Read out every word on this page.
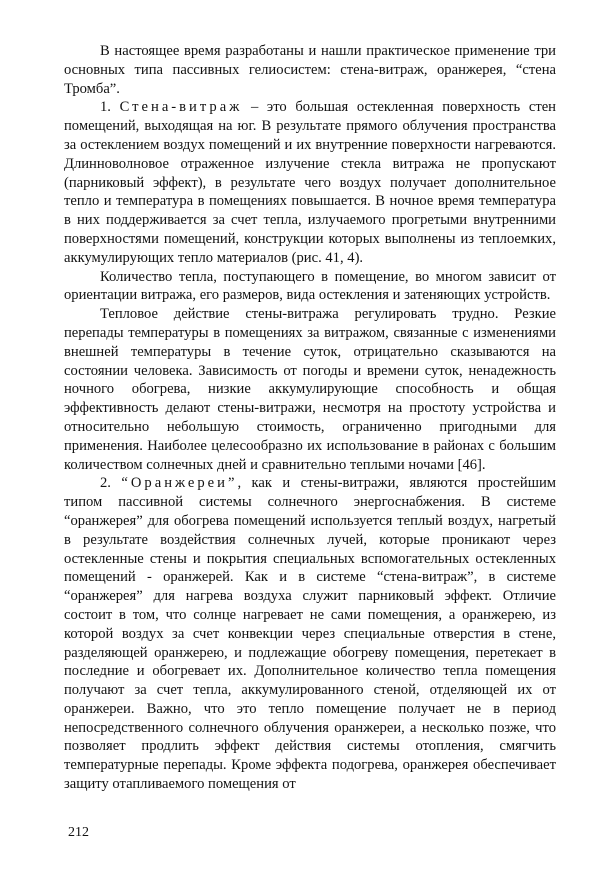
В настоящее время разработаны и нашли практическое применение три основных типа пассивных гелиосистем: стена-витраж, оранжерея, “стена Тромба”.

1. Стена-витраж – это большая остекленная поверхность стен помещений, выходящая на юг. В результате прямого облучения пространства за остеклением воздух помещений и их внутренние поверхности нагреваются. Длинноволновое отраженное излучение стекла витража не пропускают (парниковый эффект), в результате чего воздух получает дополнительное тепло и температура в помещениях повышается. В ночное время температура в них поддерживается за счет тепла, излучаемого прогретыми внутренними поверхностями помещений, конструкции которых выполнены из теплоемких, аккумулирующих тепло материалов (рис. 41, 4).

Количество тепла, поступающего в помещение, во многом зависит от ориентации витража, его размеров, вида остекления и затеняющих устройств.

Тепловое действие стены-витража регулировать трудно. Резкие перепады температуры в помещениях за витражом, связанные с изменениями внешней температуры в течение суток, отрицательно сказываются на состоянии человека. Зависимость от погоды и времени суток, ненадежность ночного обогрева, низкие аккумулирующие способность и общая эффективность делают стены-витражи, несмотря на простоту устройства и относительно небольшую стоимость, ограниченно пригодными для применения. Наиболее целесообразно их использование в районах с большим количеством солнечных дней и сравнительно теплыми ночами [46].

2. “Оранжереи”, как и стены-витражи, являются простейшим типом пассивной системы солнечного энергоснабжения. В системе “оранжерея” для обогрева помещений используется теплый воздух, нагретый в результате воздействия солнечных лучей, которые проникают через остекленные стены и покрытия специальных вспомогательных остекленных помещений - оранжерей. Как и в системе “стена-витраж”, в системе “оранжерея” для нагрева воздуха служит парниковый эффект. Отличие состоит в том, что солнце нагревает не сами помещения, а оранжерею, из которой воздух за счет конвекции через специальные отверстия в стене, разделяющей оранжерею, и подлежащие обогреву помещения, перетекает в последние и обогревает их. Дополнительное количество тепла помещения получают за счет тепла, аккумулированного стеной, отделяющей их от оранжереи. Важно, что это тепло помещение получает не в период непосредственного солнечного облучения оранжереи, а несколько позже, что позволяет продлить эффект действия системы отопления, смягчить температурные перепады. Кроме эффекта подогрева, оранжерея обеспечивает защиту отапливаемого помещения от

212
